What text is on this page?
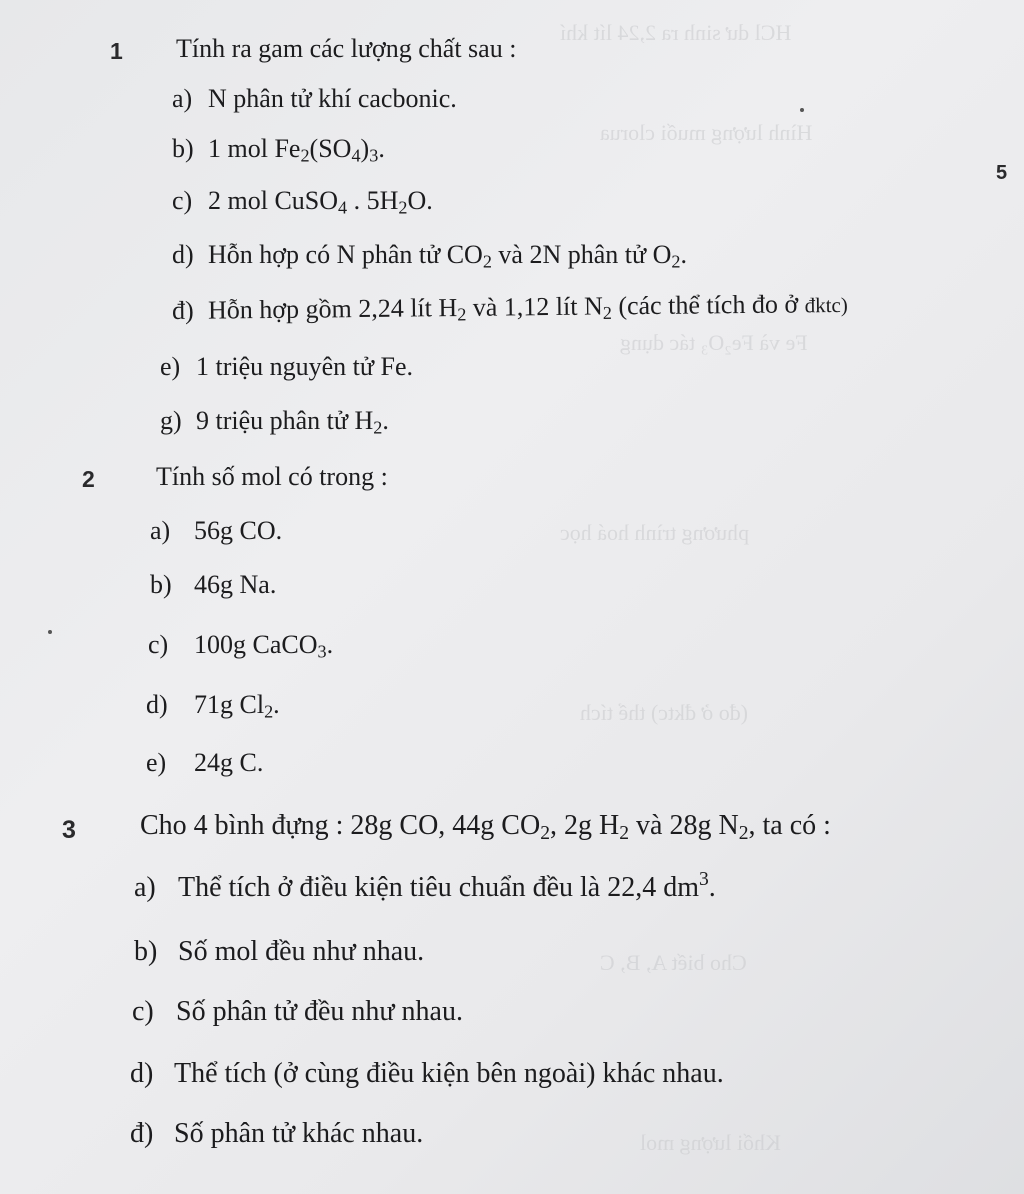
HCl dư sinh ra 2,24 lít khí
Hình lượng muối clorua
Fe và Fe₂O₃ tác dụng
phương trình hoá học
(đo ở đktc) thể tích
Cho biết A, B, C
Khối lượng mol
5
1 Tính ra gam các lượng chất sau :
a) N phân tử khí cacbonic.
b) 1 mol $Fe_2(SO_4)_3$.
c) 2 mol CuSO$_4$ . $5H_2O$.
d) Hỗn hợp có N phân tử $CO_2$ và 2N phân tử $O_2$.
đ) Hỗn hợp gồm 2,24 lít $H_2$ và 1,12 lít $N_2$ (các thể tích đo ở đktc)
e) 1 triệu nguyên tử Fe.
g) 9 triệu phân tử $H_2$.
2 Tính số mol có trong :
a) 56g CO.
b) 46g Na.
c) 100g CaCO$_3$.
d) 71g $Cl_2$.
e) 24g C.
3 Cho 4 bình đựng : 28g CO, 44g $CO_2$, 2g $H_2$ và 28g $N_2$, ta có :
a) Thể tích ở điều kiện tiêu chuẩn đều là 22,4 $dm^3$.
b) Số mol đều như nhau.
c) Số phân tử đều như nhau.
d) Thể tích (ở cùng điều kiện bên ngoài) khác nhau.
đ) Số phân tử khác nhau.
